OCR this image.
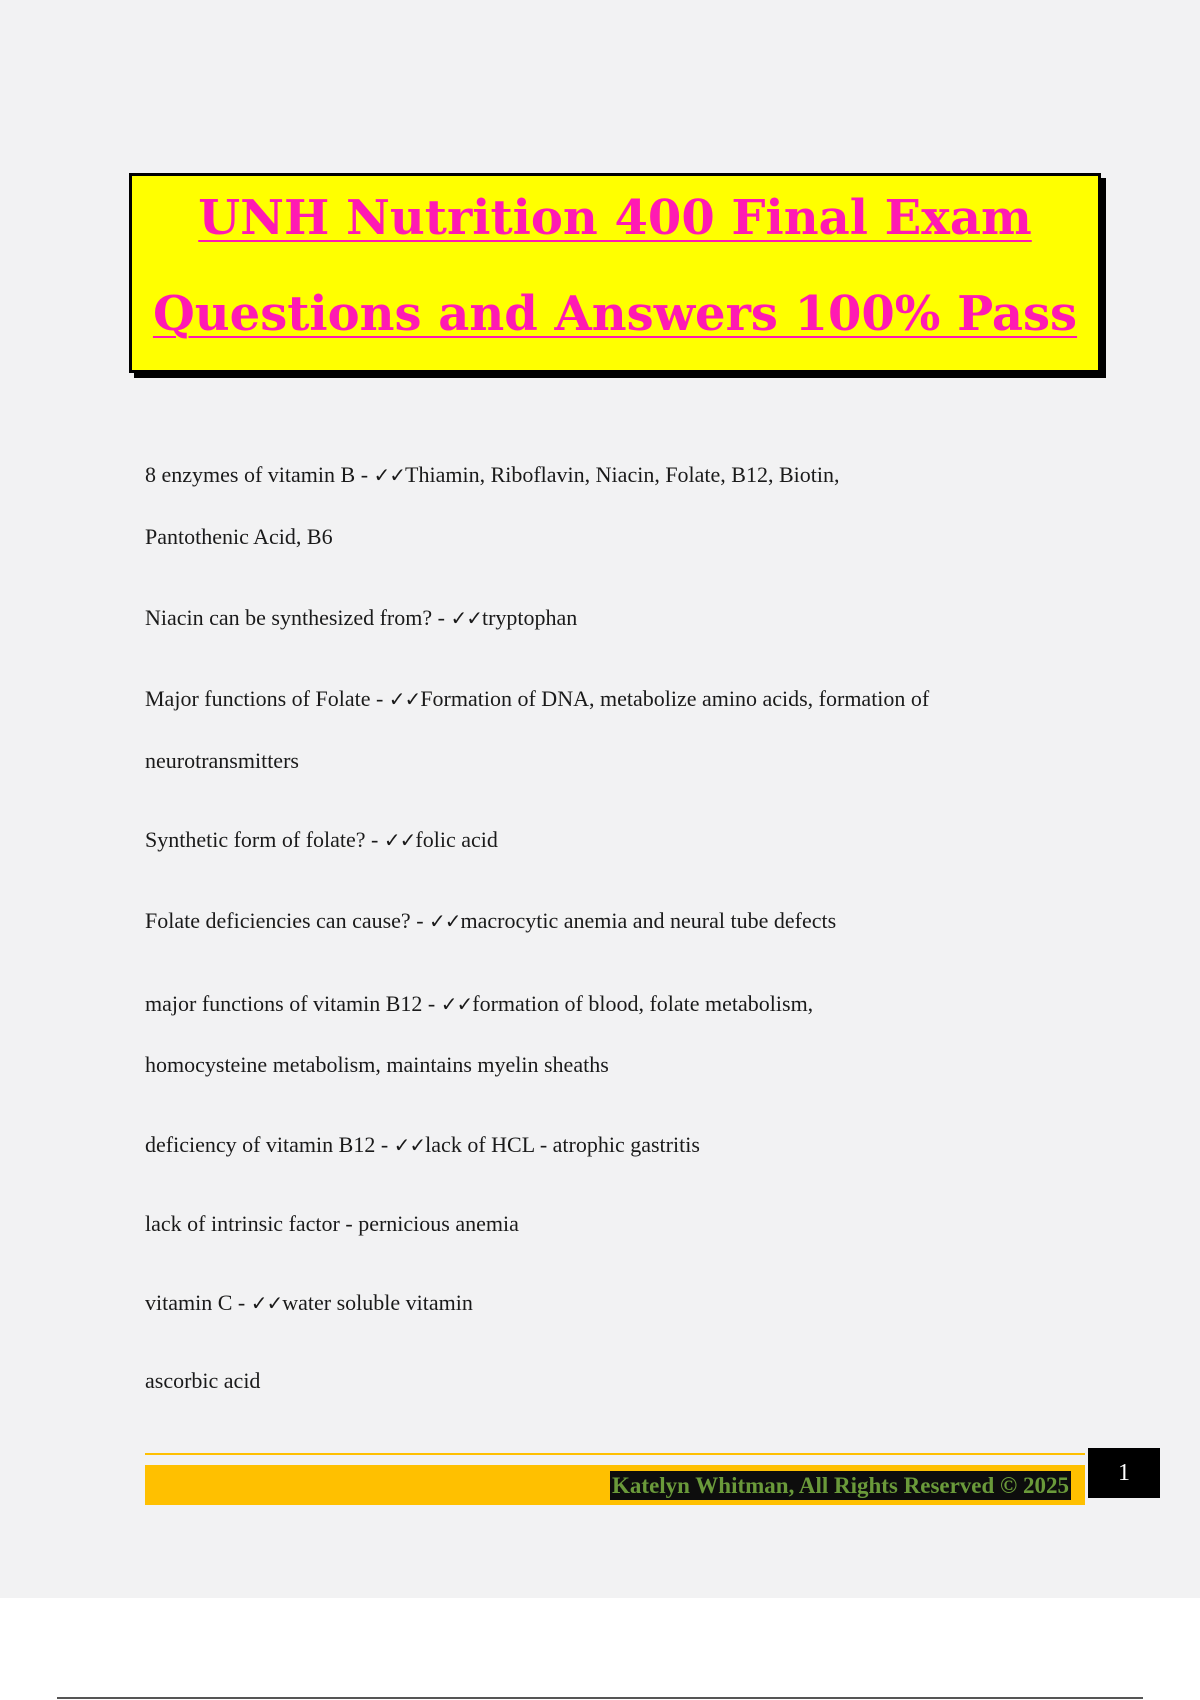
UNH Nutrition 400 Final Exam
Questions and Answers 100% Pass
8 enzymes of vitamin B - ✓✓Thiamin, Riboflavin, Niacin, Folate, B12, Biotin,
Pantothenic Acid, B6
Niacin can be synthesized from? - ✓✓tryptophan
Major functions of Folate - ✓✓Formation of DNA, metabolize amino acids, formation of
neurotransmitters
Synthetic form of folate? - ✓✓folic acid
Folate deficiencies can cause? - ✓✓macrocytic anemia and neural tube defects
major functions of vitamin B12 - ✓✓formation of blood, folate metabolism,
homocysteine metabolism, maintains myelin sheaths
deficiency of vitamin B12 - ✓✓lack of HCL - atrophic gastritis
lack of intrinsic factor - pernicious anemia
vitamin C - ✓✓water soluble vitamin
ascorbic acid
Katelyn Whitman, All Rights Reserved © 2025	1
